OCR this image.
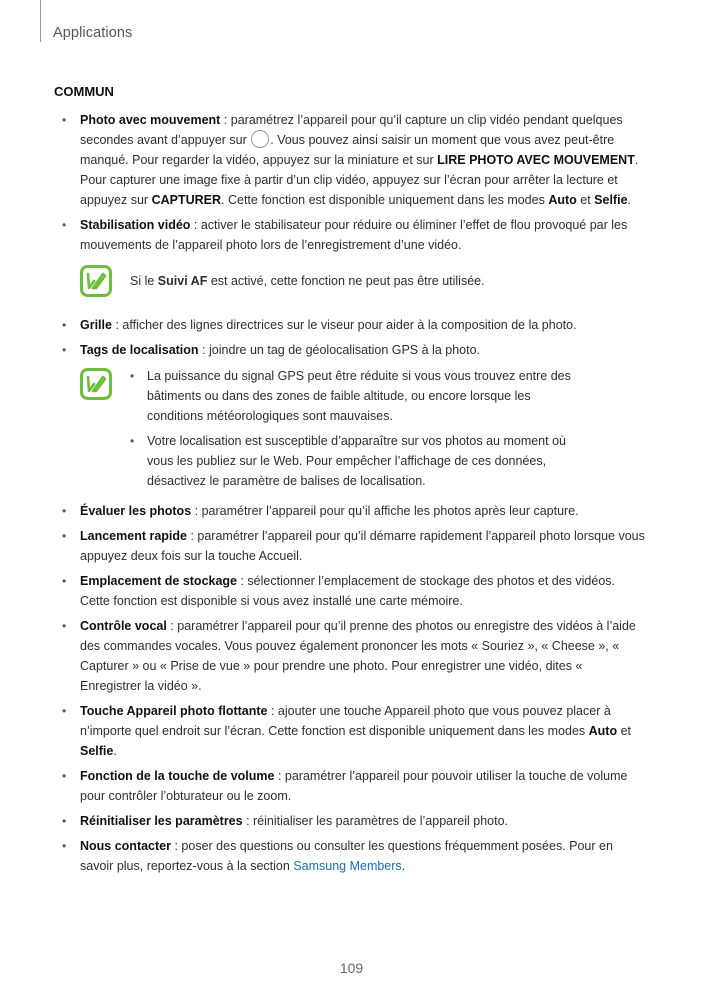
Applications
COMMUN
• Photo avec mouvement : paramétrez l’appareil pour qu’il capture un clip vidéo pendant quelques secondes avant d’appuyer sur . Vous pouvez ainsi saisir un moment que vous avez peut-être manqué. Pour regarder la vidéo, appuyez sur la miniature et sur LIRE PHOTO AVEC MOUVEMENT. Pour capturer une image fixe à partir d’un clip vidéo, appuyez sur l’écran pour arrêter la lecture et appuyez sur CAPTURER. Cette fonction est disponible uniquement dans les modes Auto et Selfie.
• Stabilisation vidéo : activer le stabilisateur pour réduire ou éliminer l’effet de flou provoqué par les mouvements de l’appareil photo lors de l’enregistrement d’une vidéo.
Si le Suivi AF est activé, cette fonction ne peut pas être utilisée.
• Grille : afficher des lignes directrices sur le viseur pour aider à la composition de la photo.
• Tags de localisation : joindre un tag de géolocalisation GPS à la photo.
• La puissance du signal GPS peut être réduite si vous vous trouvez entre des bâtiments ou dans des zones de faible altitude, ou encore lorsque les conditions météorologiques sont mauvaises.
• Votre localisation est susceptible d’apparaître sur vos photos au moment où vous les publiez sur le Web. Pour empêcher l’affichage de ces données, désactivez le paramètre de balises de localisation.
• Évaluer les photos : paramétrer l’appareil pour qu’il affiche les photos après leur capture.
• Lancement rapide : paramétrer l’appareil pour qu’il démarre rapidement l’appareil photo lorsque vous appuyez deux fois sur la touche Accueil.
• Emplacement de stockage : sélectionner l’emplacement de stockage des photos et des vidéos. Cette fonction est disponible si vous avez installé une carte mémoire.
• Contrôle vocal : paramétrer l’appareil pour qu’il prenne des photos ou enregistre des vidéos à l’aide des commandes vocales. Vous pouvez également prononcer les mots « Souriez », « Cheese », « Capturer » ou « Prise de vue » pour prendre une photo. Pour enregistrer une vidéo, dites « Enregistrer la vidéo ».
• Touche Appareil photo flottante : ajouter une touche Appareil photo que vous pouvez placer à n’importe quel endroit sur l’écran. Cette fonction est disponible uniquement dans les modes Auto et Selfie.
• Fonction de la touche de volume : paramétrer l’appareil pour pouvoir utiliser la touche de volume pour contrôler l’obturateur ou le zoom.
• Réinitialiser les paramètres : réinitialiser les paramètres de l’appareil photo.
• Nous contacter : poser des questions ou consulter les questions fréquemment posées. Pour en savoir plus, reportez-vous à la section Samsung Members.
109
